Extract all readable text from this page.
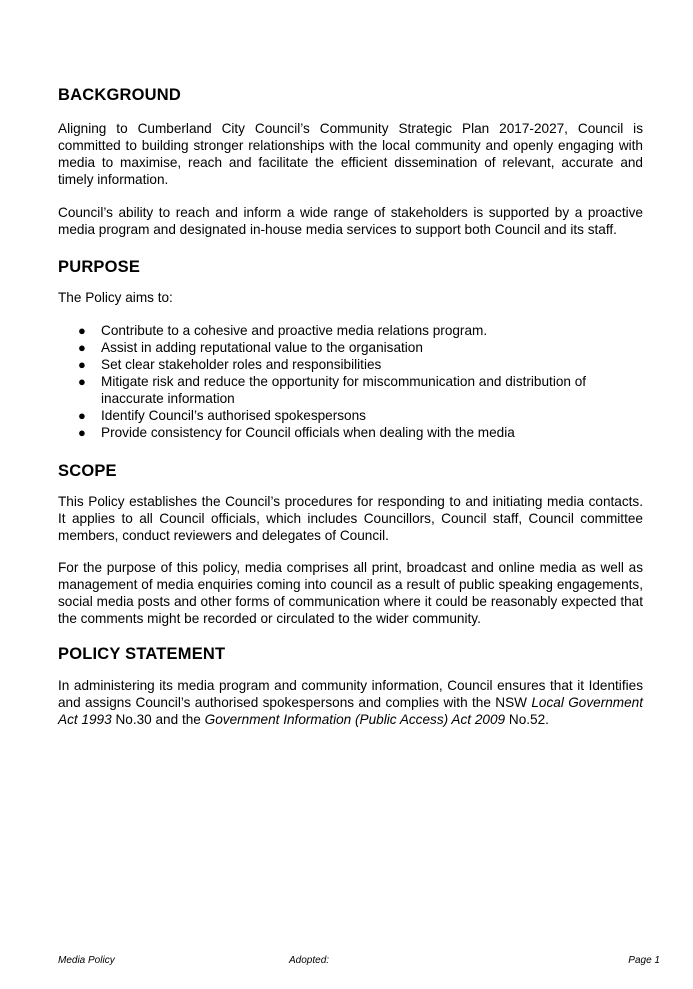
BACKGROUND

Aligning to Cumberland City Council’s Community Strategic Plan 2017-2027, Council is committed to building stronger relationships with the local community and openly engaging with media to maximise, reach and facilitate the efficient dissemination of relevant, accurate and timely information.

Council’s ability to reach and inform a wide range of stakeholders is supported by a proactive media program and designated in-house media services to support both Council and its staff.

PURPOSE

The Policy aims to:

● Contribute to a cohesive and proactive media relations program.
● Assist in adding reputational value to the organisation
● Set clear stakeholder roles and responsibilities
● Mitigate risk and reduce the opportunity for miscommunication and distribution of inaccurate information
● Identify Council’s authorised spokespersons
● Provide consistency for Council officials when dealing with the media
SCOPE

This Policy establishes the Council’s procedures for responding to and initiating media contacts. It applies to all Council officials, which includes Councillors, Council staff, Council committee members, conduct reviewers and delegates of Council.

For the purpose of this policy, media comprises all print, broadcast and online media as well as management of media enquiries coming into council as a result of public speaking engagements, social media posts and other forms of communication where it could be reasonably expected that the comments might be recorded or circulated to the wider community.

POLICY STATEMENT

In administering its media program and community information, Council ensures that it Identifies and assigns Council’s authorised spokespersons and complies with the NSW Local Government Act 1993 No.30 and the Government Information (Public Access) Act 2009 No.52.

Media Policy	Adopted:	Page 1
